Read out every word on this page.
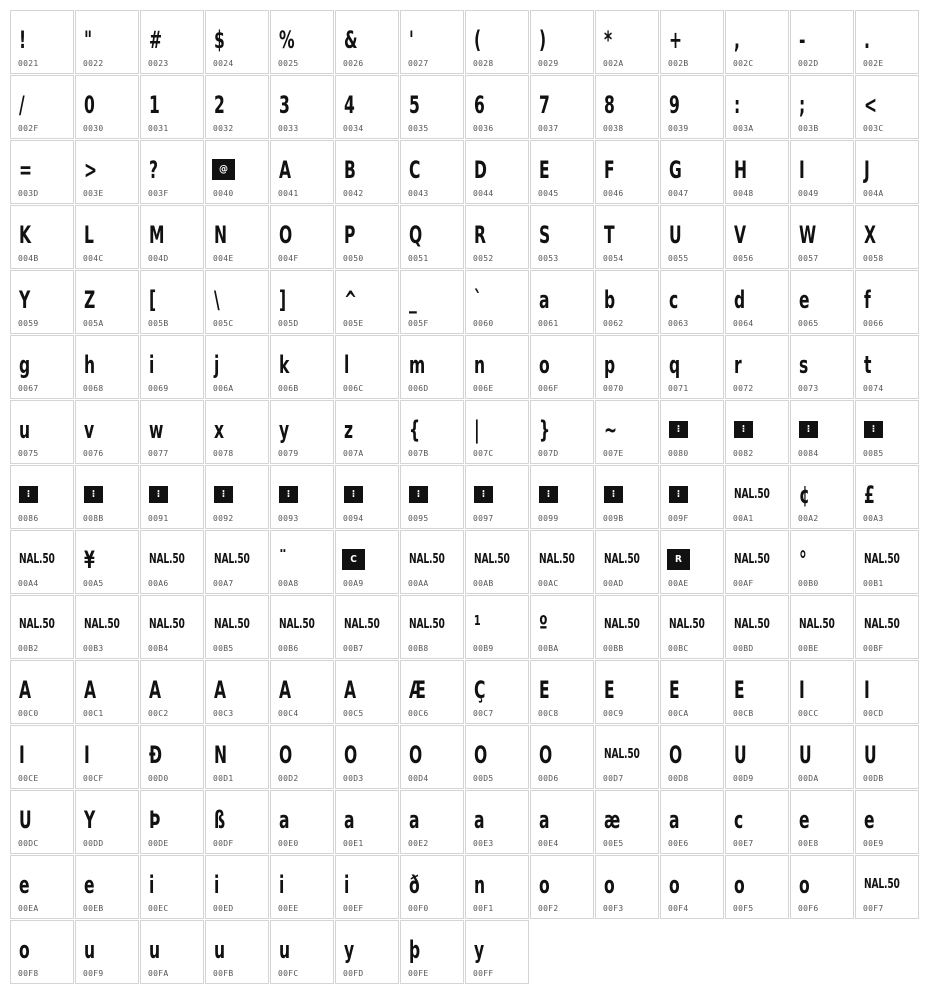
!
0021
"
0022
#
0023
$
0024
%
0025
&
0026
'
0027
(
0028
)
0029
*
002A
+
002B
,
002C
-
002D
.
002E
/
002F
0
0030
1
0031
2
0032
3
0033
4
0034
5
0035
6
0036
7
0037
8
0038
9
0039
:
003A
;
003B
<
003C
=
003D
>
003E
?
003F
@
0040
A
0041
B
0042
C
0043
D
0044
E
0045
F
0046
G
0047
H
0048
I
0049
J
004A
K
004B
L
004C
M
004D
N
004E
O
004F
P
0050
Q
0051
R
0052
S
0053
T
0054
U
0055
V
0056
W
0057
X
0058
Y
0059
Z
005A
[
005B
\
005C
]
005D
^
005E
_
005F
`
0060
a
0061
b
0062
c
0063
d
0064
e
0065
f
0066
g
0067
h
0068
i
0069
j
006A
k
006B
l
006C
m
006D
n
006E
o
006F
p
0070
q
0071
r
0072
s
0073
t
0074
u
0075
v
0076
w
0077
x
0078
y
0079
z
007A
{
007B
|
007C
}
007D
~
007E
⁝
0080
⁝
0082
⁝
0084
⁝
0085
⁝
0086
⁝
008B
⁝
0091
⁝
0092
⁝
0093
⁝
0094
⁝
0095
⁝
0097
⁝
0099
⁝
009B
⁝
009F
NAL.50
00A1
¢
00A2
£
00A3
NAL.50
00A4
¥
00A5
NAL.50
00A6
NAL.50
00A7
¨
00A8
C
00A9
NAL.50
00AA
NAL.50
00AB
NAL.50
00AC
NAL.50
00AD
R
00AE
NAL.50
00AF
°
00B0
NAL.50
00B1
NAL.50
00B2
NAL.50
00B3
NAL.50
00B4
NAL.50
00B5
NAL.50
00B6
NAL.50
00B7
NAL.50
00B8
¹
00B9
º
00BA
NAL.50
00BB
NAL.50
00BC
NAL.50
00BD
NAL.50
00BE
NAL.50
00BF
A
00C0
A
00C1
A
00C2
A
00C3
A
00C4
A
00C5
Æ
00C6
Ç
00C7
E
00C8
E
00C9
E
00CA
E
00CB
I
00CC
I
00CD
I
00CE
I
00CF
Đ
00D0
N
00D1
O
00D2
O
00D3
O
00D4
O
00D5
O
00D6
NAL.50
00D7
O
00D8
U
00D9
U
00DA
U
00DB
U
00DC
Y
00DD
Þ
00DE
ß
00DF
a
00E0
a
00E1
a
00E2
a
00E3
a
00E4
æ
00E5
a
00E6
c
00E7
e
00E8
e
00E9
e
00EA
e
00EB
i
00EC
i
00ED
i
00EE
i
00EF
ð
00F0
n
00F1
o
00F2
o
00F3
o
00F4
o
00F5
o
00F6
NAL.50
00F7
o
00F8
u
00F9
u
00FA
u
00FB
u
00FC
y
00FD
þ
00FE
y
00FF
